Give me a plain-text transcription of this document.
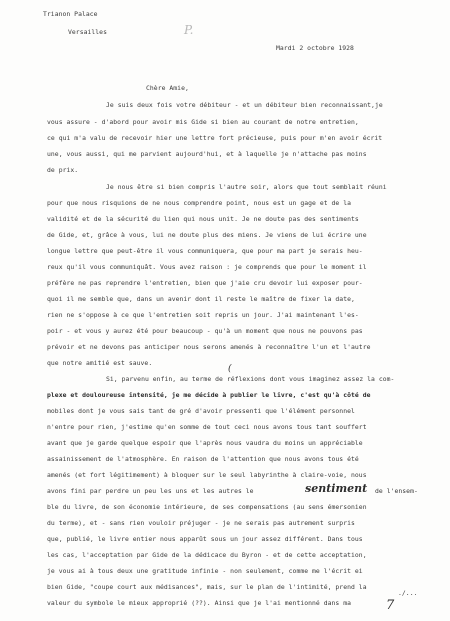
Trianon Palace
Versailles	P.
Mardi 2 octobre 1928
Chère Amie,
Je suis deux fois votre débiteur - et un débiteur bien reconnaissant,je
vous assure - d'abord pour avoir mis Gide si bien au courant de notre entretien,
ce qui m'a valu de recevoir hier une lettre fort précieuse, puis pour m'en avoir écrit
une, vous aussi, qui me parvient aujourd'hui, et à laquelle je n'attache pas moins
de prix.
Je nous être si bien compris l'autre soir, alors que tout semblait réuni
pour que nous risquions de ne nous comprendre point, nous est un gage et de la
validité et de la sécurité du lien qui nous unit. Je ne doute pas des sentiments
de Gide, et, grâce à vous, lui ne doute plus des miens. Je viens de lui écrire une
longue lettre que peut-être il vous communiquera, que pour ma part je serais heu-
reux qu'il vous communiquât. Vous avez raison : je comprends que pour le moment il
préfère ne pas reprendre l'entretien, bien que j'aie cru devoir lui exposer pour-
quoi il me semble que, dans un avenir dont il reste le maître de fixer la date,
rien ne s'oppose à ce que l'entretien soit repris un jour. J'ai maintenant l'es-
poir - et vous y aurez été pour beaucoup - qu'à un moment que nous ne pouvons pas
prévoir et ne devons pas anticiper nous serons amenés à reconnaître l'un et l'autre
que notre amitié est sauve.
(
Si, parvenu enfin, au terme de réflexions dont vous imaginez assez la com-
plexe et douloureuse intensité, je me décide à publier le livre, c'est qu'à côté de
mobiles dont je vous sais tant de gré d'avoir pressenti que l'élément personnel
n'entre pour rien, j'estime qu'en somme de tout ceci nous avons tous tant souffert
avant que je garde quelque espoir que l'après nous vaudra du moins un appréciable
assainissement de l'atmosphère. En raison de l'attention que nous avons tous été
amenés (et fort légitimement) à bloquer sur le seul labyrinthe à claire-voie, nous
avons fini par perdre un peu les uns et les autres le	sentiment de l'ensem-
ble du livre, de son économie intérieure, de ses compensations (au sens émersonien
du terme), et - sans rien vouloir préjuger - je ne serais pas autrement surpris
que, publié, le livre entier nous apparût sous un jour assez différent. Dans tous
les cas, l'acceptation par Gide de la dédicace du Byron - et de cette acceptation,
je vous ai à tous deux une gratitude infinie - non seulement, comme me l'écrit ei
bien Gide, "coupe court aux médisances", mais, sur le plan de l'intimité, prend la
valeur du symbole le mieux approprié (??). Ainsi que je l'ai mentionné dans ma	7
./...
